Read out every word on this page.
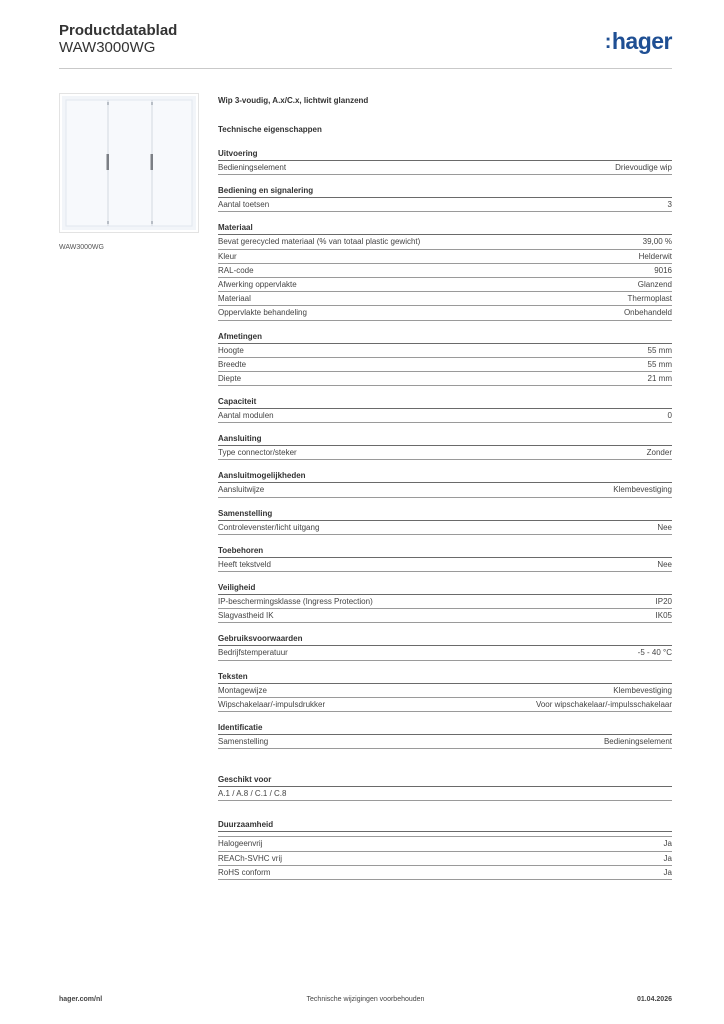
Productdatablad
WAW3000WG	:hager
WAW3000WG
Wip 3-voudig, A.x/C.x, lichtwit glanzend
Technische eigenschappen
Uitvoering
Bedieningselement	Drievoudige wip
Bediening en signalering
Aantal toetsen	3
Materiaal
Bevat gerecycled materiaal (% van totaal plastic gewicht)	39,00 %
Kleur	Helderwit
RAL-code	9016
Afwerking oppervlakte	Glanzend
Materiaal	Thermoplast
Oppervlakte behandeling	Onbehandeld
Afmetingen
Hoogte	55 mm
Breedte	55 mm
Diepte	21 mm
Capaciteit
Aantal modulen	0
Aansluiting
Type connector/steker	Zonder
Aansluitmogelijkheden
Aansluitwijze	Klembevestiging
Samenstelling
Controlevenster/licht uitgang	Nee
Toebehoren
Heeft tekstveld	Nee
Veiligheid
IP-beschermingsklasse (Ingress Protection)	IP20
Slagvastheid IK	IK05
Gebruiksvoorwaarden
Bedrijfstemperatuur	-5 - 40 °C
Teksten
Montagewijze	Klembevestiging
Wipschakelaar/-impulsdrukker	Voor wipschakelaar/-impulsschakelaar
Identificatie
Samenstelling	Bedieningselement
Geschikt voor
A.1 / A.8 / C.1 / C.8
Duurzaamheid
Halogeenvrij	Ja
REACh-SVHC vrij	Ja
RoHS conform	Ja
hager.com/nl	Technische wijzigingen voorbehouden	01.04.2026
